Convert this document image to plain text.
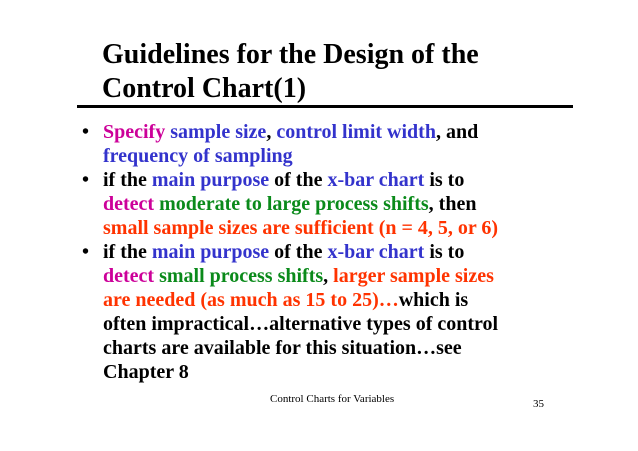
Guidelines for the Design of the
Control Chart(1)
• Specify sample size, control limit width, and
frequency of sampling
• if the main purpose of the x-bar chart is to
detect moderate to large process shifts, then
small sample sizes are sufficient (n = 4, 5, or 6)
• if the main purpose of the x-bar chart is to
detect small process shifts, larger sample sizes
are needed (as much as 15 to 25)…which is
often impractical…alternative types of control
charts are available for this situation…see
Chapter 8
Control Charts for Variables	35
